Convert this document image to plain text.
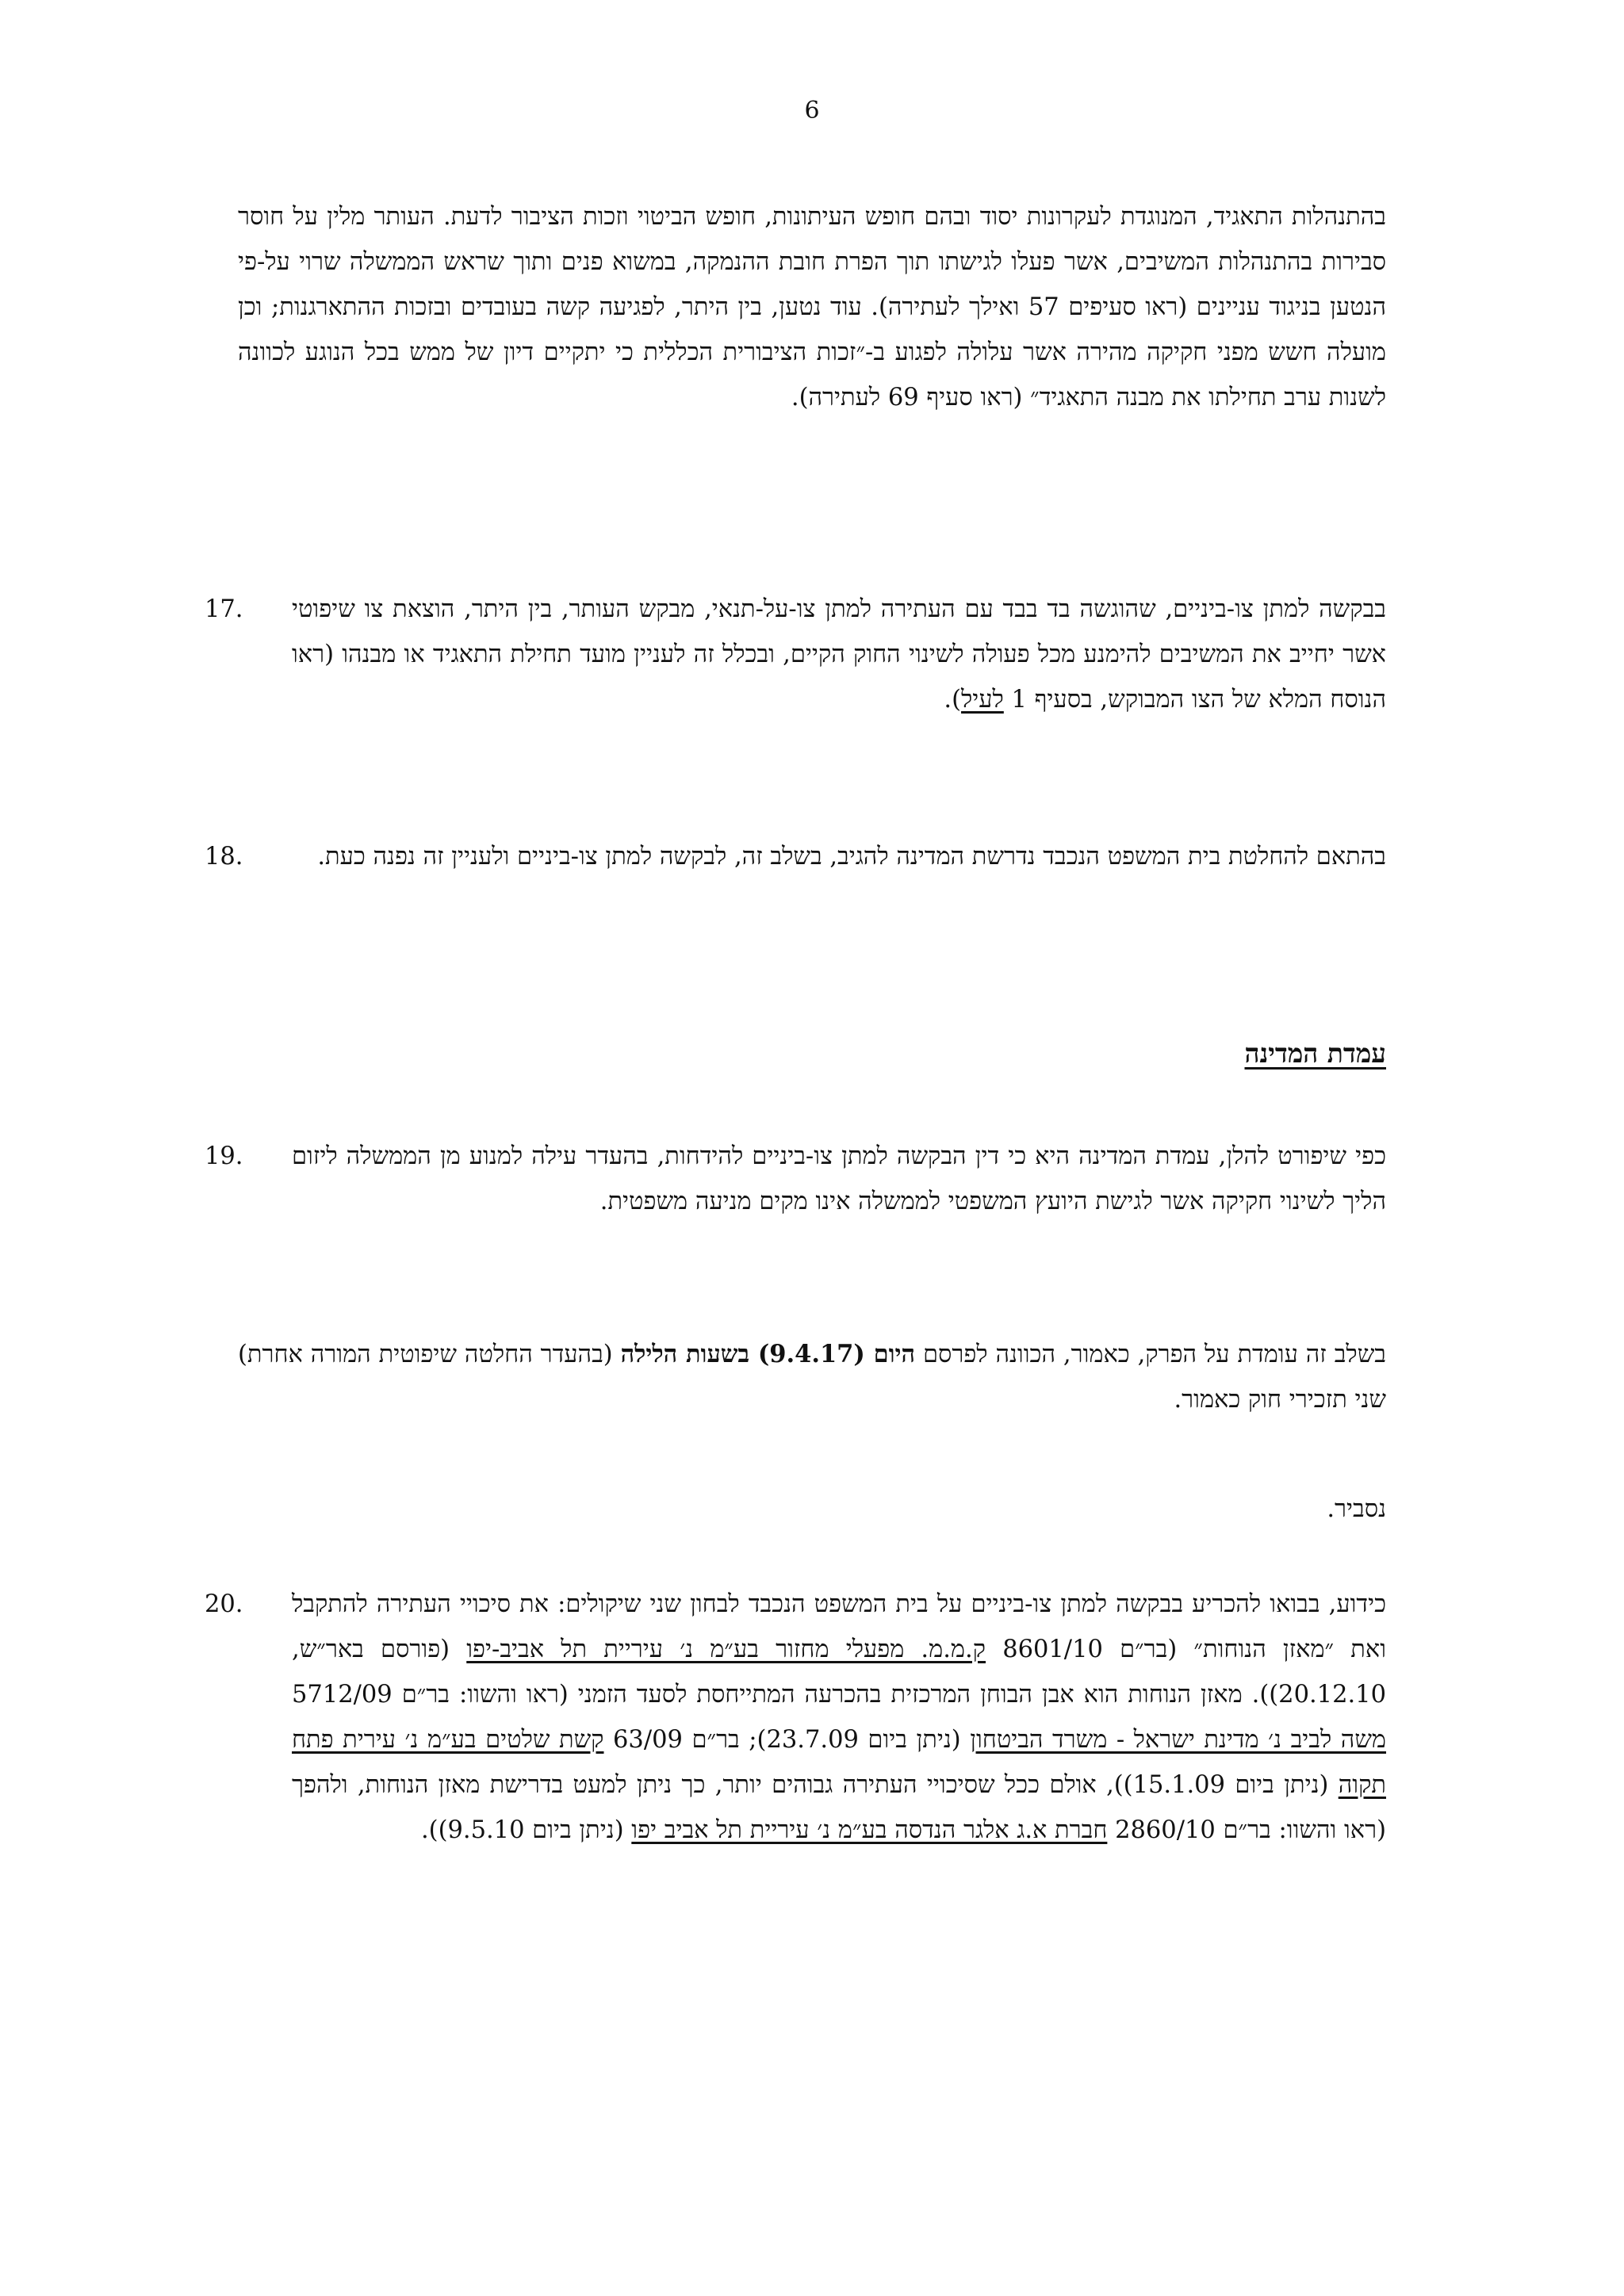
6

בהתנהלות התאגיד, המנוגדת לעקרונות יסוד ובהם חופש העיתונות, חופש הביטוי וזכות הציבור לדעת. העותר מלין על חוסר סבירות בהתנהלות המשיבים, אשר פעלו לגישתו תוך הפרת חובת ההנמקה, במשוא פנים ותוך שראש הממשלה שרוי על-פי הנטען בניגוד עניינים (ראו סעיפים 57 ואילך לעתירה). עוד נטען, בין היתר, לפגיעה קשה בעובדים ובזכות ההתארגנות; וכן מועלה חשש מפני חקיקה מהירה אשר עלולה לפגוע ב-״זכות הציבורית הכללית כי יתקיים דיון של ממש בכל הנוגע לכוונה לשנות ערב תחילתו את מבנה התאגיד״ (ראו סעיף 69 לעתירה).

17.	בבקשה למתן צו-ביניים, שהוגשה בד בבד עם העתירה למתן צו-על-תנאי, מבקש העותר, בין היתר, הוצאת צו שיפוטי אשר יחייב את המשיבים להימנע מכל פעולה לשינוי החוק הקיים, ובכלל זה לעניין מועד תחילת התאגיד או מבנהו (ראו הנוסח המלא של הצו המבוקש, בסעיף 1 לעיל).

18.	בהתאם להחלטת בית המשפט הנכבד נדרשת המדינה להגיב, בשלב זה, לבקשה למתן צו-ביניים ולעניין זה נפנה כעת.

עמדת המדינה
19.	כפי שיפורט להלן, עמדת המדינה היא כי דין הבקשה למתן צו-ביניים להידחות, בהעדר עילה למנוע מן הממשלה ליזום הליך לשינוי חקיקה אשר לגישת היועץ המשפטי לממשלה אינו מקים מניעה משפטית.

בשלב זה עומדת על הפרק, כאמור, הכוונה לפרסם היום (9.4.17) בשעות הלילה (בהעדר החלטה שיפוטית המורה אחרת) שני תזכירי חוק כאמור.

נסביר.

20.	כידוע, בבואו להכריע בבקשה למתן צו-ביניים על בית המשפט הנכבד לבחון שני שיקולים: את סיכויי העתירה להתקבל ואת ״מאזן הנוחות״ (בר״ם 8601/10 ק.מ.מ. מפעלי מחזור בע״מ נ׳ עיריית תל אביב-יפו (פורסם באר״ש, 20.12.10)). מאזן הנוחות הוא אבן הבוחן המרכזית בהכרעה המתייחסת לסעד הזמני (ראו והשוו: בר״ם 5712/09 משה לביב נ׳ מדינת ישראל - משרד הביטחון (ניתן ביום 23.7.09); בר״ם 63/09 קשת שלטים בע״מ נ׳ עירית פתח תקוה (ניתן ביום 15.1.09)), אולם ככל שסיכויי העתירה גבוהים יותר, כך ניתן למעט בדרישת מאזן הנוחות, ולהפך (ראו והשוו: בר״ם 2860/10 חברת א.ג אלגר הנדסה בע״מ נ׳ עיריית תל אביב יפו (ניתן ביום 9.5.10)).
